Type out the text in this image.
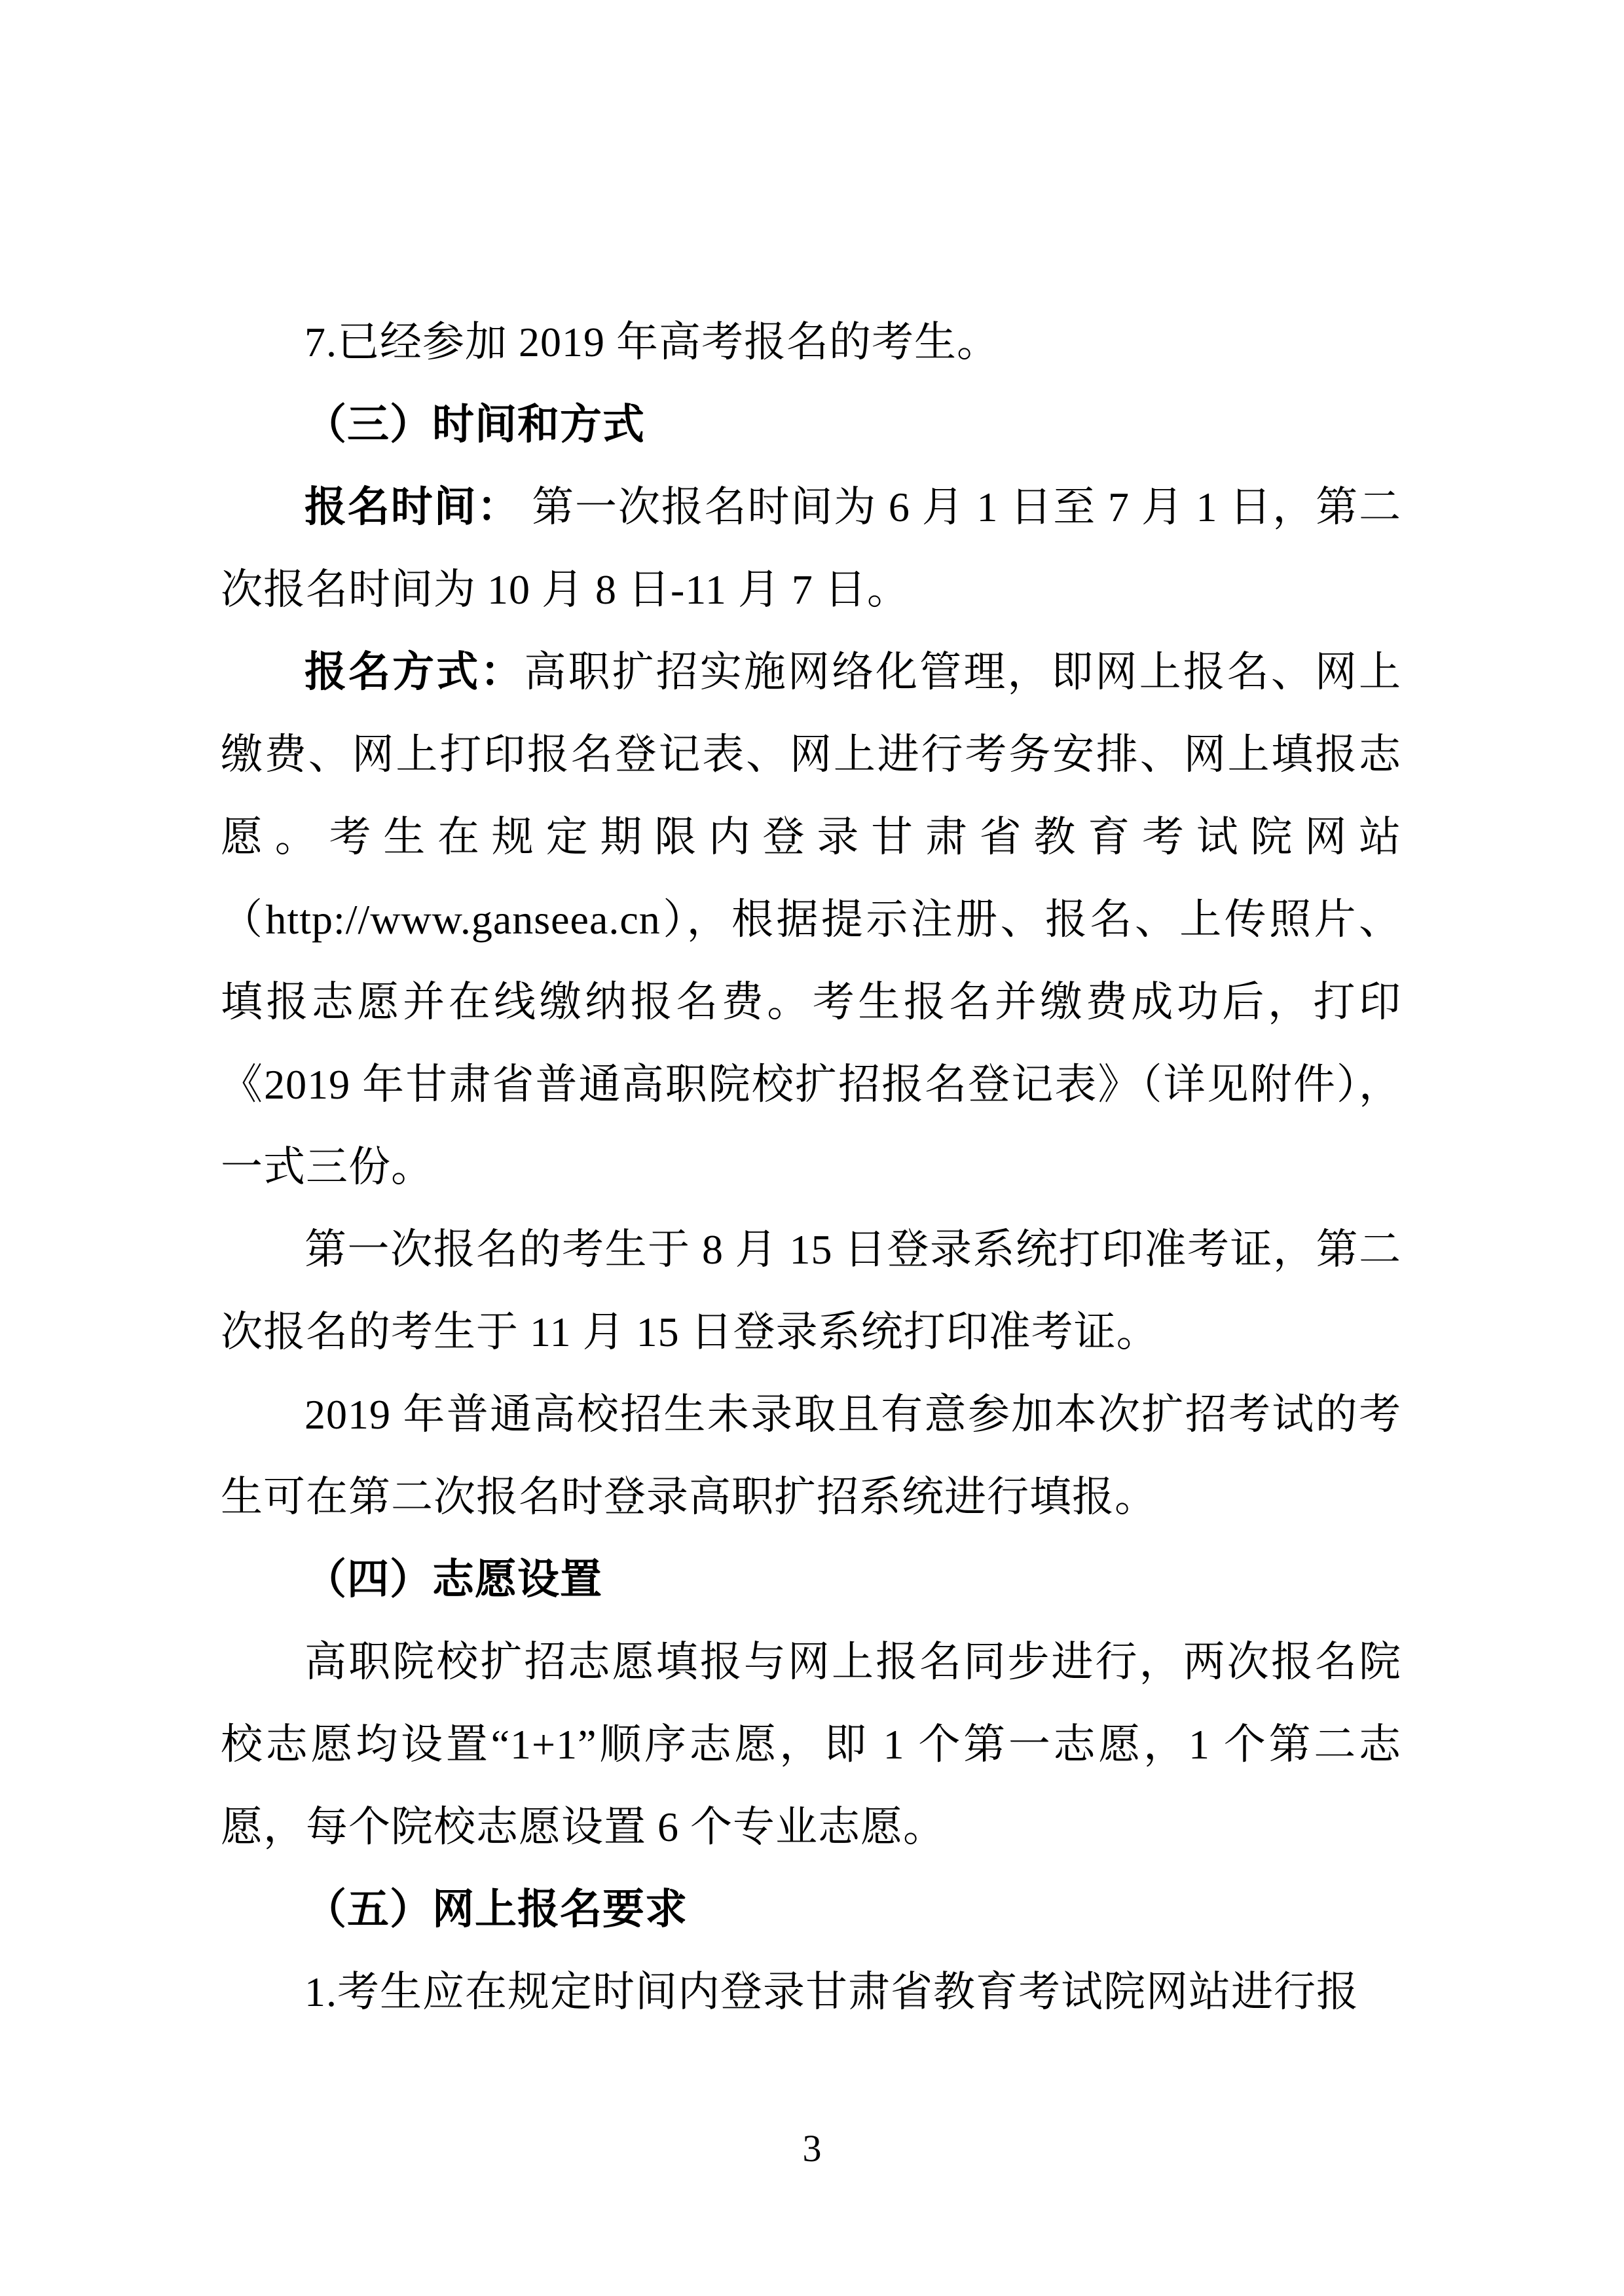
7.已经参加 2019 年高考报名的考生。

（三）时间和方式

报名时间： 第一次报名时间为 6 月 1 日至 7 月 1 日，第二次报名时间为 10 月 8 日-11 月 7 日。

报名方式：高职扩招实施网络化管理，即网上报名、网上缴费、网上打印报名登记表、网上进行考务安排、网上填报志愿。考生在规定期限内登录甘肃省教育考试院网站（http://www.ganseea.cn），根据提示注册、报名、上传照片、填报志愿并在线缴纳报名费。考生报名并缴费成功后，打印《2019 年甘肃省普通高职院校扩招报名登记表》（详见附件），一式三份。

第一次报名的考生于 8 月 15 日登录系统打印准考证，第二次报名的考生于 11 月 15 日登录系统打印准考证。

2019 年普通高校招生未录取且有意参加本次扩招考试的考生可在第二次报名时登录高职扩招系统进行填报。

（四）志愿设置

高职院校扩招志愿填报与网上报名同步进行，两次报名院校志愿均设置“1+1”顺序志愿，即 1 个第一志愿，1 个第二志愿，每个院校志愿设置 6 个专业志愿。

（五）网上报名要求

1.考生应在规定时间内登录甘肃省教育考试院网站进行报

3
